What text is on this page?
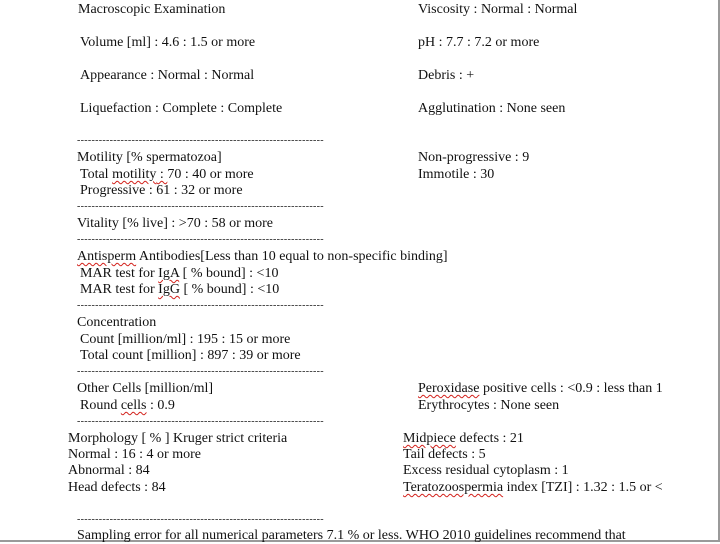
Macroscopic Examination	Viscosity : Normal : Normal
Volume [ml] : 4.6 : 1.5 or more	pH : 7.7 : 7.2 or more
Appearance : Normal : Normal	Debris : +
Liquefaction : Complete : Complete	Agglutination : None seen
--------------------------------------------------------------------
Motility [% spermatozoa]	Non-progressive : 9
Total motility : 70 : 40 or more	Immotile : 30
Progressive : 61 : 32 or more
--------------------------------------------------------------------
Vitality [% live] : >70 : 58 or more
--------------------------------------------------------------------
Antisperm Antibodies[Less than 10 equal to non-specific binding]
MAR test for IgA [ % bound] : <10
MAR test for IgG [ % bound] : <10
--------------------------------------------------------------------
Concentration
Count [million/ml] : 195 : 15 or more
Total count [million] : 897 : 39 or more
--------------------------------------------------------------------
Other Cells [million/ml]	Peroxidase positive cells : <0.9 : less than 1
Round cells : 0.9	Erythrocytes : None seen
--------------------------------------------------------------------
Morphology [ % ] Kruger strict criteria	Midpiece defects : 21
Normal : 16 : 4 or more	Tail defects : 5
Abnormal : 84	Excess residual cytoplasm : 1
Head defects : 84	Teratozoospermia index [TZI] : 1.32 : 1.5 or <
--------------------------------------------------------------------
Sampling error for all numerical parameters 7.1 % or less. WHO 2010 guidelines recommend that
